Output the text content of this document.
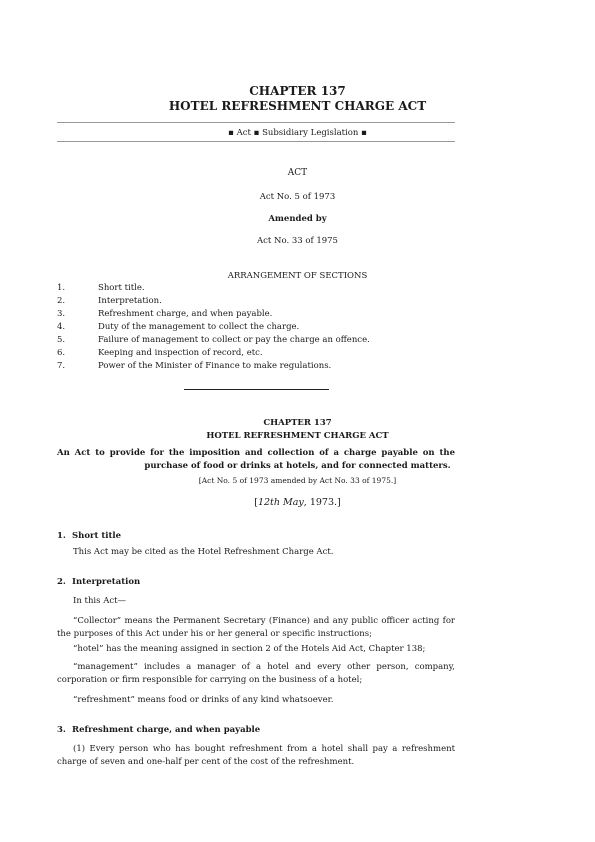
CHAPTER 137
HOTEL REFRESHMENT CHARGE ACT
▪ Act ▪ Subsidiary Legislation ▪
ACT
Act No. 5 of 1973
Amended by
Act No. 33 of 1975
ARRANGEMENT OF SECTIONS
1.	Short title.
2.	Interpretation.
3.	Refreshment charge, and when payable.
4.	Duty of the management to collect the charge.
5.	Failure of management to collect or pay the charge an offence.
6.	Keeping and inspection of record, etc.
7.	Power of the Minister of Finance to make regulations.
CHAPTER 137
HOTEL REFRESHMENT CHARGE ACT
An Act to provide for the imposition and collection of a charge payable on the
purchase of food or drinks at hotels, and for connected matters.
[Act No. 5 of 1973 amended by Act No. 33 of 1975.]
[12th May, 1973.]
1. Short title
This Act may be cited as the Hotel Refreshment Charge Act.
2. Interpretation
In this Act—
“Collector” means the Permanent Secretary (Finance) and any public officer acting for the purposes of this Act under his or her general or specific instructions;
“hotel” has the meaning assigned in section 2 of the Hotels Aid Act, Chapter 138;
“management” includes a manager of a hotel and every other person, company, corporation or firm responsible for carrying on the business of a hotel;
“refreshment” means food or drinks of any kind whatsoever.
3. Refreshment charge, and when payable
(1) Every person who has bought refreshment from a hotel shall pay a refreshment charge of seven and one-half per cent of the cost of the refreshment.
